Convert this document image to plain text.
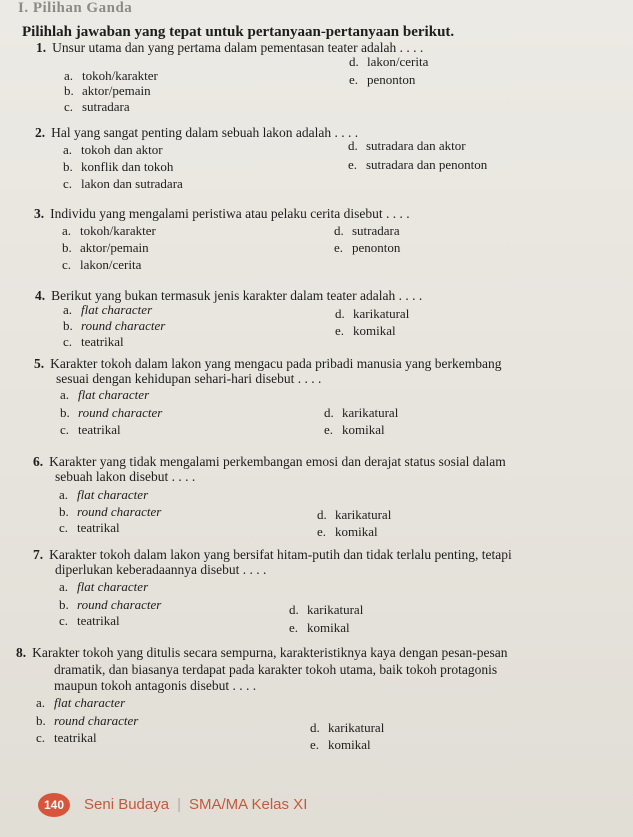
I. Pilihan Ganda
Pilihlah jawaban yang tepat untuk pertanyaan-pertanyaan berikut.
1. Unsur utama dan yang pertama dalam pementasan teater adalah . . . .
a. tokoh/karakter
b. aktor/pemain
c. sutradara
d. lakon/cerita
e. penonton
2. Hal yang sangat penting dalam sebuah lakon adalah . . . .
a. tokoh dan aktor
b. konflik dan tokoh
c. lakon dan sutradara
d. sutradara dan aktor
e. sutradara dan penonton
3. Individu yang mengalami peristiwa atau pelaku cerita disebut . . . .
a. tokoh/karakter
b. aktor/pemain
c. lakon/cerita
d. sutradara
e. penonton
4. Berikut yang bukan termasuk jenis karakter dalam teater adalah . . . .
a. flat character
b. round character
c. teatrikal
d. karikatural
e. komikal
5. Karakter tokoh dalam lakon yang mengacu pada pribadi manusia yang berkembang
sesuai dengan kehidupan sehari-hari disebut . . . .
a. flat character
b. round character
c. teatrikal
d. karikatural
e. komikal
6. Karakter yang tidak mengalami perkembangan emosi dan derajat status sosial dalam
sebuah lakon disebut . . . .
a. flat character
b. round character
c. teatrikal
d. karikatural
e. komikal
7. Karakter tokoh dalam lakon yang bersifat hitam-putih dan tidak terlalu penting, tetapi
diperlukan keberadaannya disebut . . . .
a. flat character
b. round character
c. teatrikal
d. karikatural
e. komikal
8. Karakter tokoh yang ditulis secara sempurna, karakteristiknya kaya dengan pesan-pesan
dramatik, dan biasanya terdapat pada karakter tokoh utama, baik tokoh protagonis
maupun tokoh antagonis disebut . . . .
a. flat character
b. round character
c. teatrikal
d. karikatural
e. komikal
140	Seni Budaya | SMA/MA Kelas XI
